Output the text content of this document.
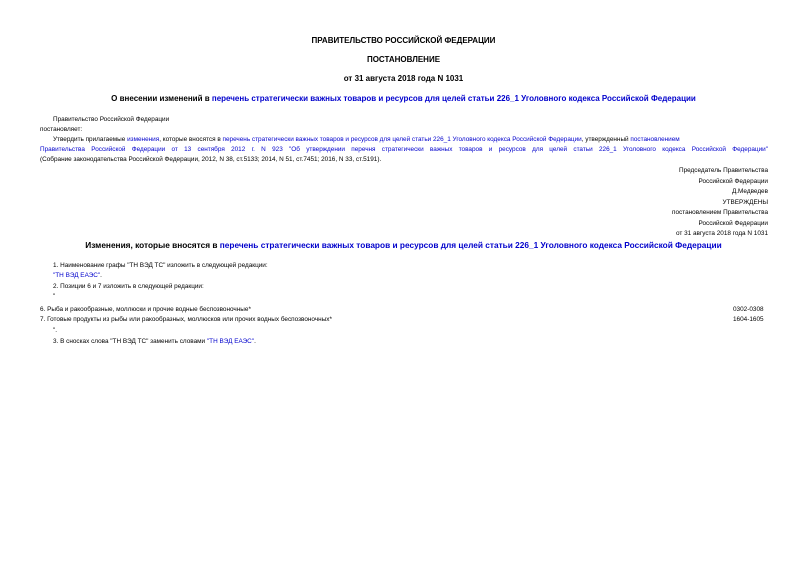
ПРАВИТЕЛЬСТВО РОССИЙСКОЙ ФЕДЕРАЦИИ
ПОСТАНОВЛЕНИЕ
от 31 августа 2018 года N 1031
О внесении изменений в перечень стратегически важных товаров и ресурсов для целей статьи 226_1 Уголовного кодекса Российской Федерации
Правительство Российской Федерации
постановляет:
Утвердить прилагаемые изменения, которые вносятся в перечень стратегически важных товаров и ресурсов для целей статьи 226_1 Уголовного кодекса Российской Федерации, утвержденный постановлением
Правительства Российской Федерации от 13 сентября 2012 г. N 923 "Об утверждении перечня стратегически важных товаров и ресурсов для целей статьи 226_1 Уголовного кодекса Российской Федерации"
(Собрание законодательства Российской Федерации, 2012, N 38, ст.5133; 2014, N 51, ст.7451; 2016, N 33, ст.5191).
Председатель Правительства
Российской Федерации
Д.Медведев
УТВЕРЖДЕНЫ
постановлением Правительства
Российской Федерации
от 31 августа 2018 года N 1031
Изменения, которые вносятся в перечень стратегически важных товаров и ресурсов для целей статьи 226_1 Уголовного кодекса Российской Федерации
1. Наименование графы "ТН ВЭД ТС" изложить в следующей редакции:
"ТН ВЭД ЕАЭС".
2. Позиции 6 и 7 изложить в следующей редакции:
"
6. Рыба и ракообразные, моллюски и прочие водные беспозвоночные*	0302-0308
7. Готовые продукты из рыбы или ракообразных, моллюсков или прочих водных беспозвоночных*	1604-1605
".
3. В сносках слова "ТН ВЭД ТС" заменить словами "ТН ВЭД ЕАЭС".
